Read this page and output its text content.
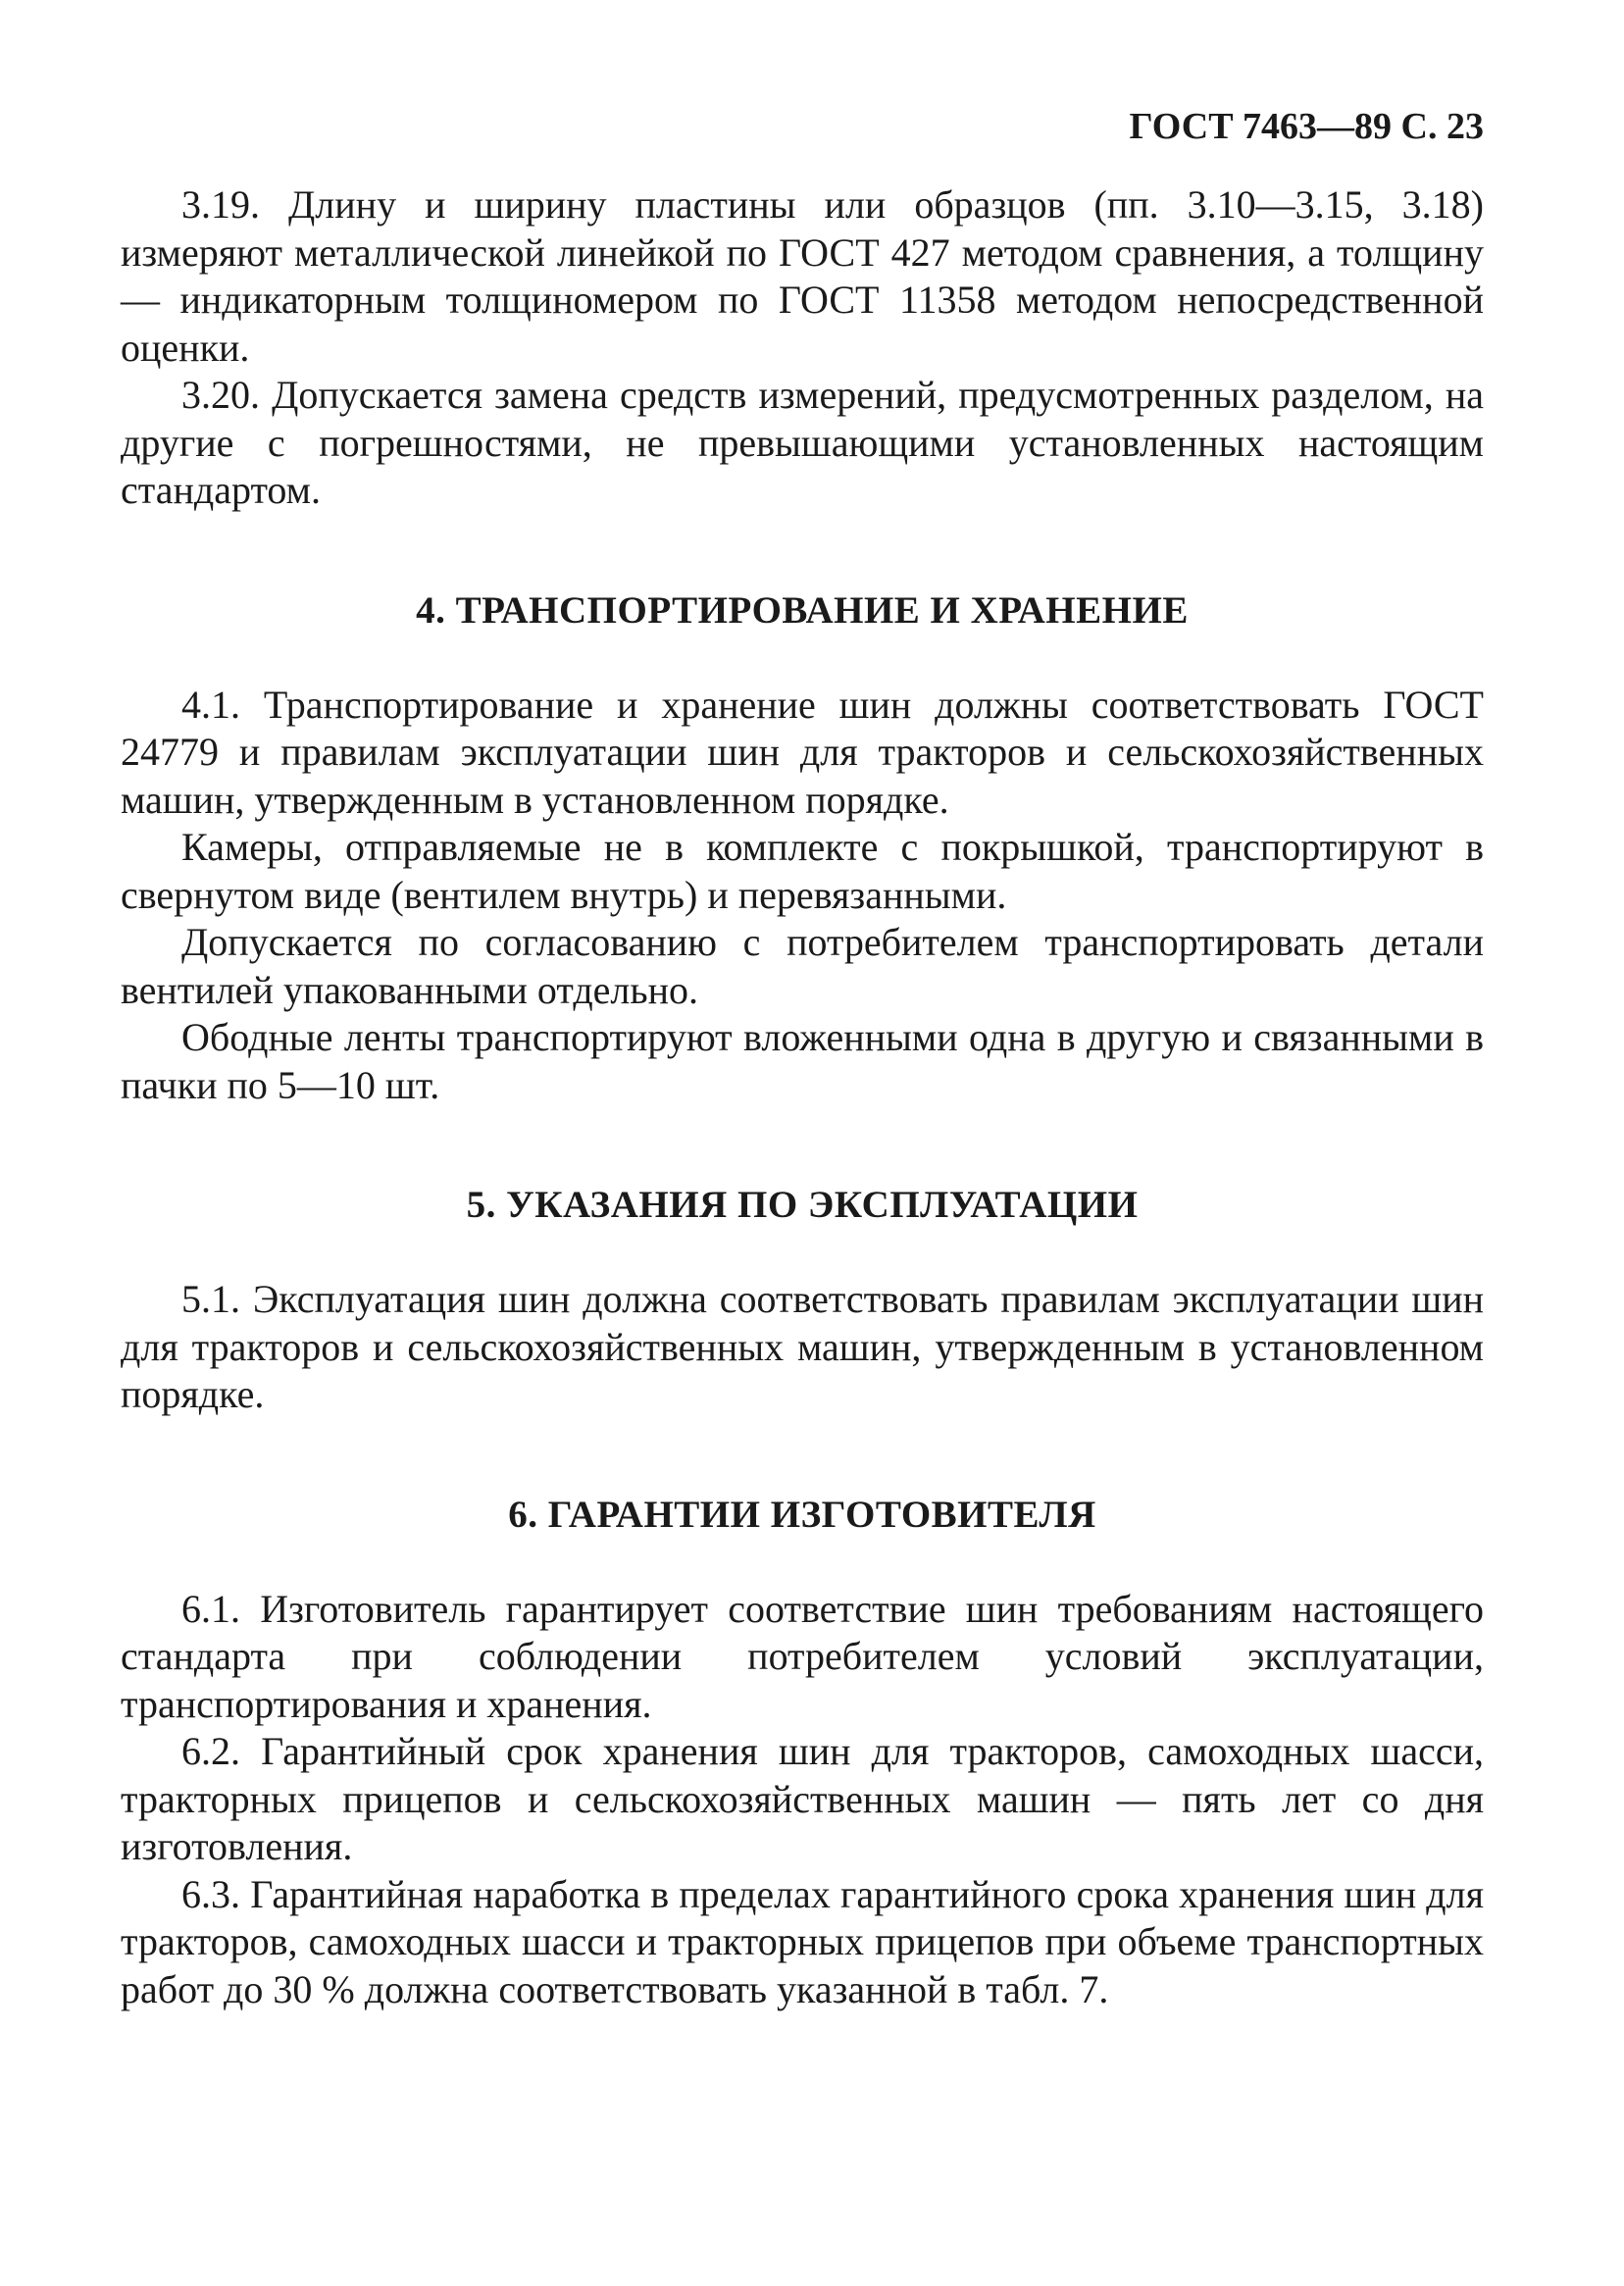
ГОСТ 7463—89 С. 23

3.19. Длину и ширину пластины или образцов (пп. 3.10—3.15, 3.18) измеряют металлической линейкой по ГОСТ 427 методом сравнения, а толщину — индикаторным толщиномером по ГОСТ 11358 методом непосредственной оценки.

3.20. Допускается замена средств измерений, предусмотренных разделом, на другие с погрешностями, не превышающими установленных настоящим стандартом.

4. ТРАНСПОРТИРОВАНИЕ И ХРАНЕНИЕ

4.1. Транспортирование и хранение шин должны соответствовать ГОСТ 24779 и правилам эксплуатации шин для тракторов и сельскохозяйственных машин, утвержденным в установленном порядке.

Камеры, отправляемые не в комплекте с покрышкой, транспортируют в свернутом виде (вентилем внутрь) и перевязанными.

Допускается по согласованию с потребителем транспортировать детали вентилей упакованными отдельно.

Ободные ленты транспортируют вложенными одна в другую и связанными в пачки по 5—10 шт.

5. УКАЗАНИЯ ПО ЭКСПЛУАТАЦИИ

5.1. Эксплуатация шин должна соответствовать правилам эксплуатации шин для тракторов и сельскохозяйственных машин, утвержденным в установленном порядке.

6. ГАРАНТИИ ИЗГОТОВИТЕЛЯ

6.1. Изготовитель гарантирует соответствие шин требованиям настоящего стандарта при соблюдении потребителем условий эксплуатации, транспортирования и хранения.

6.2. Гарантийный срок хранения шин для тракторов, самоходных шасси, тракторных прицепов и сельскохозяйственных машин — пять лет со дня изготовления.

6.3. Гарантийная наработка в пределах гарантийного срока хранения шин для тракторов, самоходных шасси и тракторных прицепов при объеме транспортных работ до 30 % должна соответствовать указанной в табл. 7.
